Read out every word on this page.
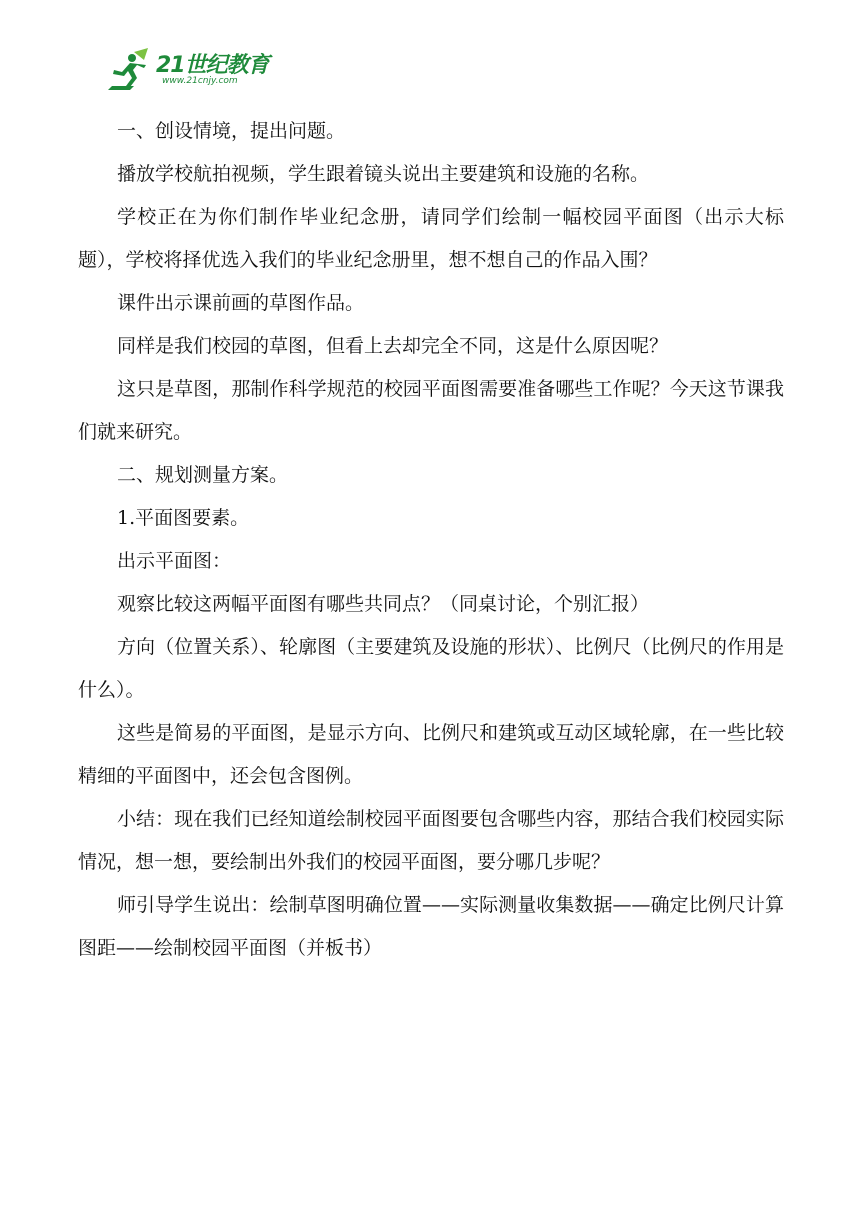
21世纪教育
www.21cnjy.com

一、创设情境，提出问题。

播放学校航拍视频，学生跟着镜头说出主要建筑和设施的名称。

学校正在为你们制作毕业纪念册，请同学们绘制一幅校园平面图（出示大标题），学校将择优选入我们的毕业纪念册里，想不想自己的作品入围？

课件出示课前画的草图作品。

同样是我们校园的草图，但看上去却完全不同，这是什么原因呢？

这只是草图，那制作科学规范的校园平面图需要准备哪些工作呢？今天这节课我们就来研究。

二、规划测量方案。

1.平面图要素。

出示平面图：

观察比较这两幅平面图有哪些共同点？（同桌讨论，个别汇报）

方向（位置关系）、轮廓图（主要建筑及设施的形状）、比例尺（比例尺的作用是什么）。

这些是简易的平面图，是显示方向、比例尺和建筑或互动区域轮廓，在一些比较精细的平面图中，还会包含图例。

小结：现在我们已经知道绘制校园平面图要包含哪些内容，那结合我们校园实际情况，想一想，要绘制出外我们的校园平面图，要分哪几步呢？

师引导学生说出：绘制草图明确位置——实际测量收集数据——确定比例尺计算图距——绘制校园平面图（并板书）
